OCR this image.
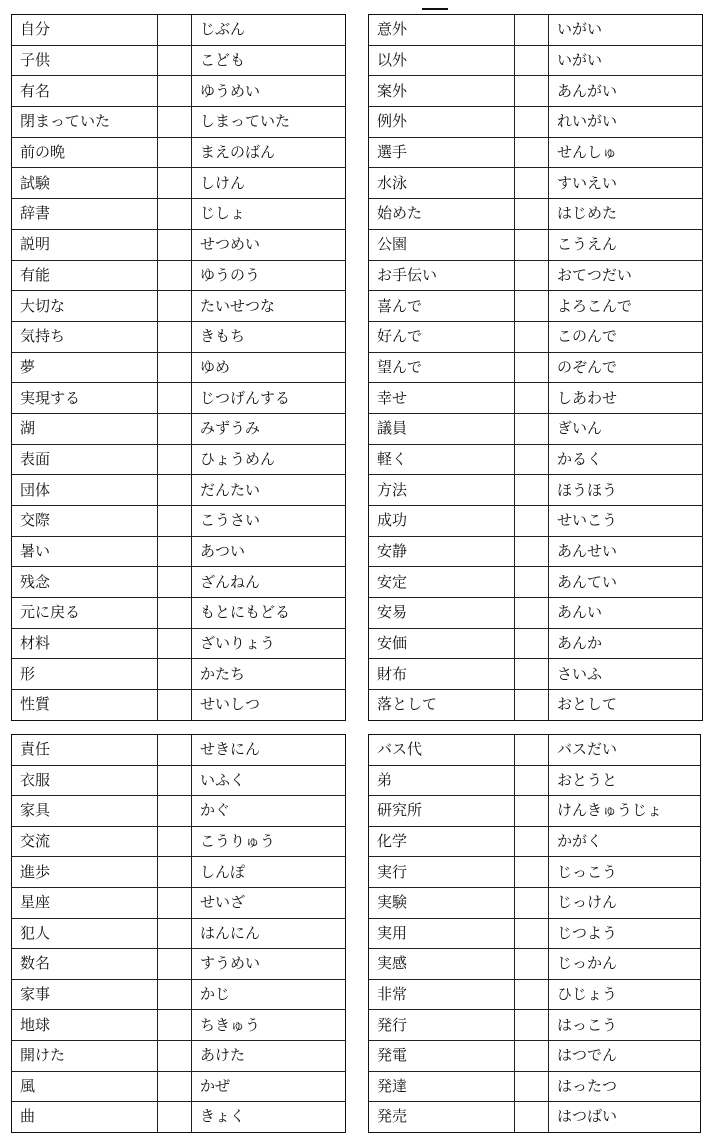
自分		じぶん
子供		こども
有名		ゆうめい
閉まっていた		しまっていた
前の晩		まえのばん
試験		しけん
辞書		じしょ
説明		せつめい
有能		ゆうのう
大切な		たいせつな
気持ち		きもち
夢		ゆめ
実現する		じつげんする
湖		みずうみ
表面		ひょうめん
団体		だんたい
交際		こうさい
暑い		あつい
残念		ざんねん
元に戻る		もとにもどる
材料		ざいりょう
形		かたち
性質		せいしつ
意外		いがい
以外		いがい
案外		あんがい
例外		れいがい
選手		せんしゅ
水泳		すいえい
始めた		はじめた
公園		こうえん
お手伝い		おてつだい
喜んで		よろこんで
好んで		このんで
望んで		のぞんで
幸せ		しあわせ
議員		ぎいん
軽く		かるく
方法		ほうほう
成功		せいこう
安静		あんせい
安定		あんてい
安易		あんい
安価		あんか
財布		さいふ
落として		おとして
責任		せきにん
衣服		いふく
家具		かぐ
交流		こうりゅう
進歩		しんぽ
星座		せいざ
犯人		はんにん
数名		すうめい
家事		かじ
地球		ちきゅう
開けた		あけた
風		かぜ
曲		きょく
バス代		バスだい
弟		おとうと
研究所		けんきゅうじょ
化学		かがく
実行		じっこう
実験		じっけん
実用		じつよう
実感		じっかん
非常		ひじょう
発行		はっこう
発電		はつでん
発達		はったつ
発売		はつばい
